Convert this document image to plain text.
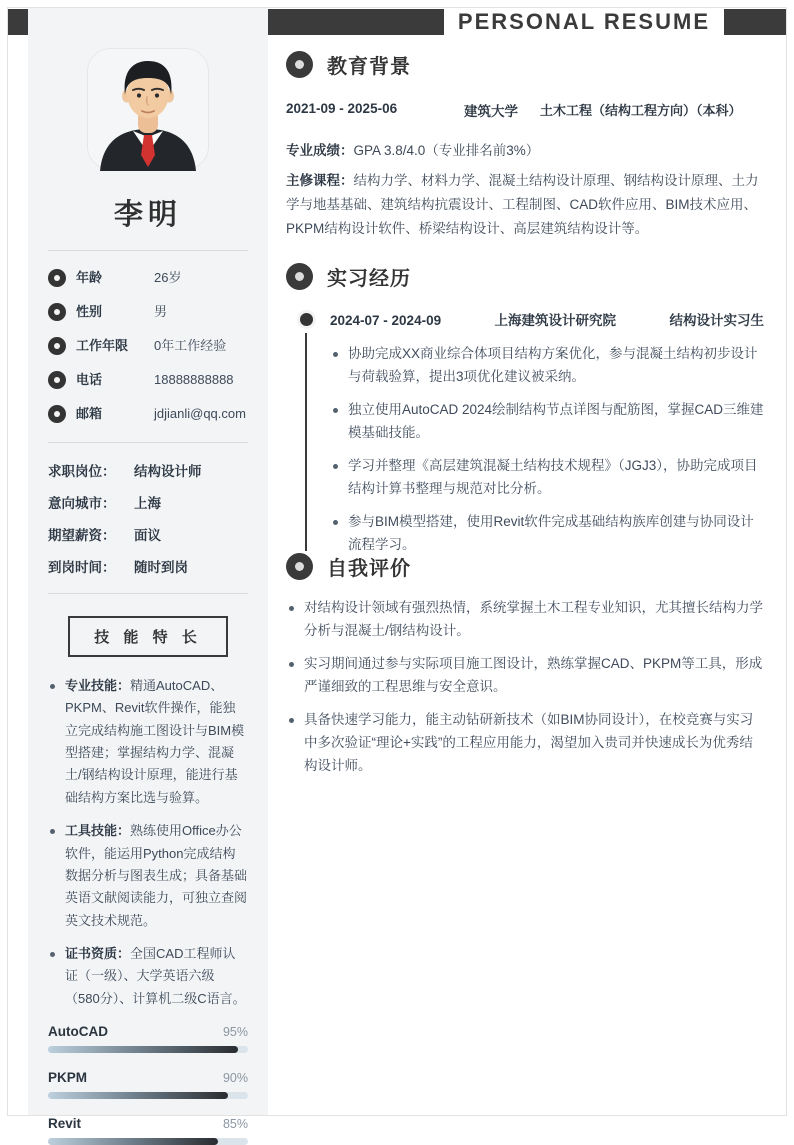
PERSONAL RESUME
李明
年龄	26岁
性别	男
工作年限	0年工作经验
电话	18888888888
邮箱	jdjianli@qq.com
求职岗位：	结构设计师
意向城市：	上海
期望薪资：	面议
到岗时间：	随时到岗
技 能 特 长
专业技能：精通AutoCAD、PKPM、Revit软件操作，能独立完成结构施工图设计与BIM模型搭建；掌握结构力学、混凝土/钢结构设计原理，能进行基础结构方案比选与验算。
工具技能：熟练使用Office办公软件，能运用Python完成结构数据分析与图表生成；具备基础英语文献阅读能力，可独立查阅英文技术规范。
证书资质：全国CAD工程师认证（一级）、大学英语六级（580分）、计算机二级C语言。
AutoCAD	95%
PKPM	90%
Revit	85%
教育背景
2021-09 - 2025-06	建筑大学	土木工程（结构工程方向）（本科）
专业成绩：GPA 3.8/4.0（专业排名前3%）
主修课程：结构力学、材料力学、混凝土结构设计原理、钢结构设计原理、土力学与地基基础、建筑结构抗震设计、工程制图、CAD软件应用、BIM技术应用、PKPM结构设计软件、桥梁结构设计、高层建筑结构设计等。
实习经历
2024-07 - 2024-09	上海建筑设计研究院	结构设计实习生
协助完成XX商业综合体项目结构方案优化，参与混凝土结构初步设计与荷载验算，提出3项优化建议被采纳。
独立使用AutoCAD 2024绘制结构节点详图与配筋图，掌握CAD三维建模基础技能。
学习并整理《高层建筑混凝土结构技术规程》（JGJ3），协助完成项目结构计算书整理与规范对比分析。
参与BIM模型搭建，使用Revit软件完成基础结构族库创建与协同设计流程学习。
自我评价
对结构设计领域有强烈热情，系统掌握土木工程专业知识，尤其擅长结构力学分析与混凝土/钢结构设计。
实习期间通过参与实际项目施工图设计，熟练掌握CAD、PKPM等工具，形成严谨细致的工程思维与安全意识。
具备快速学习能力，能主动钻研新技术（如BIM协同设计），在校竞赛与实习中多次验证“理论+实践”的工程应用能力，渴望加入贵司并快速成长为优秀结构设计师。
